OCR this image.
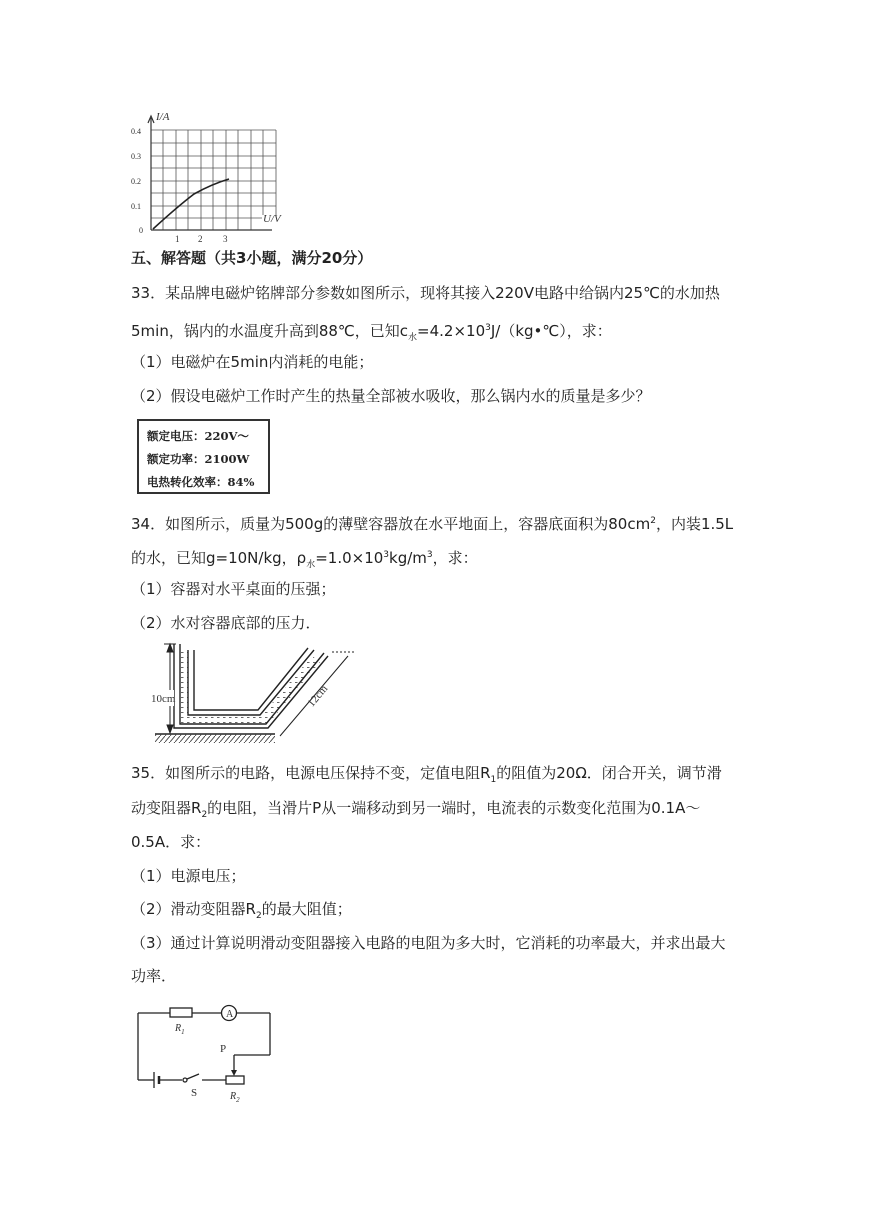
I/A
U/V
0.4
0.3
0.2
0.1
0
1 2 3
五、解答题（共3小题，满分20分）
33．某品牌电磁炉铭牌部分参数如图所示，现将其接入220V电路中给锅内25℃的水加热
5min，锅内的水温度升高到88℃，已知$c_水=4.2\times 10^3J/(kg•℃)$，求：
（1）电磁炉在5min内消耗的电能；
（2）假设电磁炉工作时产生的热量全部被水吸收，那么锅内水的质量是多少？
额定电压：220V～
额定功率：2100W
电热转化效率：84%
34．如图所示，质量为500g的薄壁容器放在水平地面上，容器底面积为$80cm^2$，内装1.5L
的水，已知g=10N/kg，$\rho_水=1.0\times 10^3kg/m^3$，求：
（1）容器对水平桌面的压强；
（2）水对容器底部的压力．
10cm	12cm
35．如图所示的电路，电源电压保持不变，定值电阻$R_1$的阻值为20Ω．闭合开关，调节滑
动变阻器$R_2$的电阻，当滑片P从一端移动到另一端时，电流表的示数变化范围为0.1A～
0.5A．求：
（1）电源电压；
（2）滑动变阻器$R_2$的最大阻值；
（3）通过计算说明滑动变阻器接入电路的电阻为多大时，它消耗的功率最大，并求出最大
功率．
$R_1$
A
P
S	$R_2$
